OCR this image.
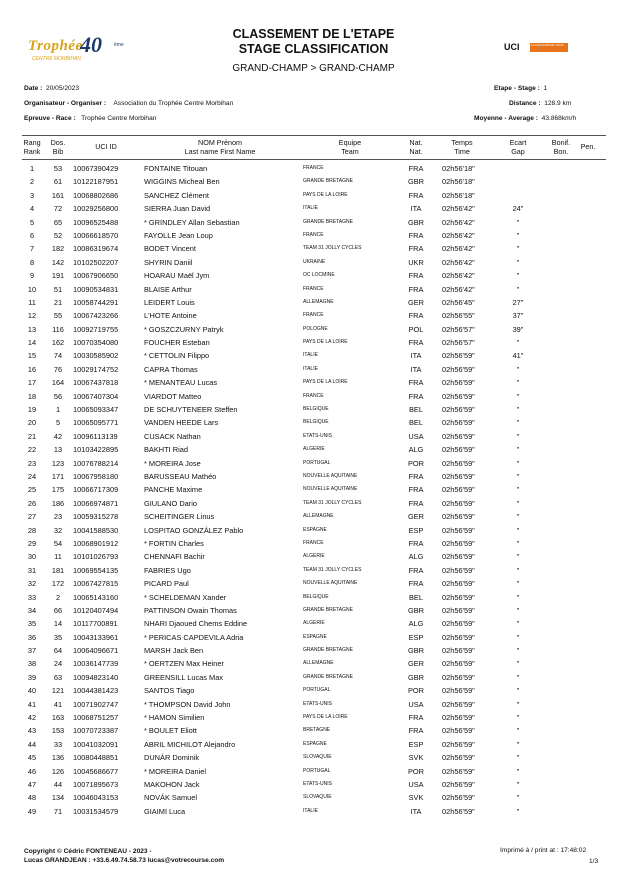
Trophée
40 ème
CENTRE MORBIHAN
UCI	CLASS EUROPE TOUR
CLASSEMENT DE L'ETAPE
STAGE CLASSIFICATION
GRAND-CHAMP > GRAND-CHAMP
Date : 20/05/2023
Organisateur - Organiser : Association du Trophée Centre Morbihan
Epreuve - Race : Trophée Centre Morbihan
Etape - Stage : 1
Distance : 128.9 km
Moyenne - Average : 43.868km/h
Rang
Rank
Dos.
Bib	UCI ID	NOM Prénom
Last name First Name
Equipe
Team
Nat.
Nat.
Temps
Time
Ecart
Gap
Bonif.
Bon.	Pen.
1	53	10067390429	FONTAINE Titouan	FRANCE	FRA	02h56'18"
2	61	10122187951	WIGGINS Micheal Ben	GRANDE BRETAGNE	GBR	02h56'18"
3	161	10068802686	SANCHEZ Clément	PAYS DE LA LOIRE	FRA	02h56'18"
4	72	10029256800	SIERRA Juan David	ITALIE	ITA	02h56'42"	24"
5	65	10096525488	* GRINDLEY Allan Sebastian	GRANDE BRETAGNE	GBR	02h56'42"	"
6	52	10066618570	FAYOLLE Jean Loup	FRANCE	FRA	02h56'42"	"
7	182	10086319674	BODET Vincent	TEAM 31 JOLLY CYCLES	FRA	02h56'42"	"
8	142	10102502207	SHYRIN Daniil	UKRAINE	UKR	02h56'42"	"
9	191	10067906650	HOARAU Maël Jym	OC LOCMINE	FRA	02h56'42"	"
10	51	10090534831	BLAISE Arthur	FRANCE	FRA	02h56'42"	"
11	21	10058744291	LEIDERT Louis	ALLEMAGNE	GER	02h56'45"	27"
12	55	10067423266	L'HOTE Antoine	FRANCE	FRA	02h56'55"	37"
13	116	10092719755	* GOSZCZURNY Patryk	POLOGNE	POL	02h56'57"	39"
14	162	10070354080	FOUCHER Esteban	PAYS DE LA LOIRE	FRA	02h56'57"	"
15	74	10030585902	* CETTOLIN Filippo	ITALIE	ITA	02h56'59"	41"
16	76	10029174752	CAPRA Thomas	ITALIE	ITA	02h56'59"	"
17	164	10067437818	* MENANTEAU Lucas	PAYS DE LA LOIRE	FRA	02h56'59"	"
18	56	10067407304	VIARDOT Matteo	FRANCE	FRA	02h56'59"	"
19	1	10065093347	DE SCHUYTENEER Steffen	BELGIQUE	BEL	02h56'59"	"
20	5	10065095771	VANDEN HEEDE Lars	BELGIQUE	BEL	02h56'59"	"
21	42	10096113139	CUSACK Nathan	ETATS-UNIS	USA	02h56'59"	"
22	13	10103422895	BAKHTI Riad	ALGERIE	ALG	02h56'59"	"
23	123	10076788214	* MOREIRA Jose	PORTUGAL	POR	02h56'59"	"
24	171	10067958180	BARUSSEAU Mathéo	NOUVELLE AQUITAINE	FRA	02h56'59"	"
25	175	10066717309	PANCHE Maxime	NOUVELLE AQUITAINE	FRA	02h56'59"	"
26	186	10066974871	GIULANO Dario	TEAM 31 JOLLY CYCLES	FRA	02h56'59"	"
27	23	10059315278	SCHEITINGER Linus	ALLEMAGNE	GER	02h56'59"	"
28	32	10041588530	LOSPITAO GONZÁLEZ Pablo	ESPAGNE	ESP	02h56'59"	"
29	54	10068901912	* FORTIN Charles	FRANCE	FRA	02h56'59"	"
30	11	10101026793	CHENNAFI Bachir	ALGERIE	ALG	02h56'59"	"
31	181	10069554135	FABRIES Ugo	TEAM 31 JOLLY CYCLES	FRA	02h56'59"	"
32	172	10067427815	PICARD Paul	NOUVELLE AQUITAINE	FRA	02h56'59"	"
33	2	10065143160	* SCHELDEMAN Xander	BELGIQUE	BEL	02h56'59"	"
34	66	10120407494	PATTINSON Owain Thomas	GRANDE BRETAGNE	GBR	02h56'59"	"
35	14	10117700891	NHARI Djaoued Chems Eddine	ALGERIE	ALG	02h56'59"	"
36	35	10043133961	* PERICAS CAPDEVILA Adria	ESPAGNE	ESP	02h56'59"	"
37	64	10064096671	MARSH Jack Ben	GRANDE BRETAGNE	GBR	02h56'59"	"
38	24	10036147739	* OERTZEN Max Heiner	ALLEMAGNE	GER	02h56'59"	"
39	63	10094823140	GREENSILL Lucas Max	GRANDE BRETAGNE	GBR	02h56'59"	"
40	121	10044381423	SANTOS Tiago	PORTUGAL	POR	02h56'59"	"
41	41	10071902747	* THOMPSON David John	ETATS-UNIS	USA	02h56'59"	"
42	163	10068751257	* HAMON Similien	PAYS DE LA LOIRE	FRA	02h56'59"	"
43	153	10070723387	* BOULET Eliott	BRETAGNE	FRA	02h56'59"	"
44	33	10041032091	ABRIL MICHILOT Alejandro	ESPAGNE	ESP	02h56'59"	"
45	136	10080448851	DUNÁR Dominik	SLOVAQUIE	SVK	02h56'59"	"
46	126	10045686677	* MOREIRA Daniel	PORTUGAL	POR	02h56'59"	"
47	44	10071895673	MAKOHON Jack	ETATS-UNIS	USA	02h56'59"	"
48	134	10046043153	NOVÁK Samuel	SLOVAQUIE	SVK	02h56'59"	"
49	71	10031534579	GIAIMI Luca	ITALIE	ITA	02h56'59"	"
Copyright © Cédric FONTENEAU - 2023 -
Lucas GRANDJEAN : +33.6.49.74.58.73 lucas@votrecourse.com
Imprimé à / print at : 17:48:02
1/3
